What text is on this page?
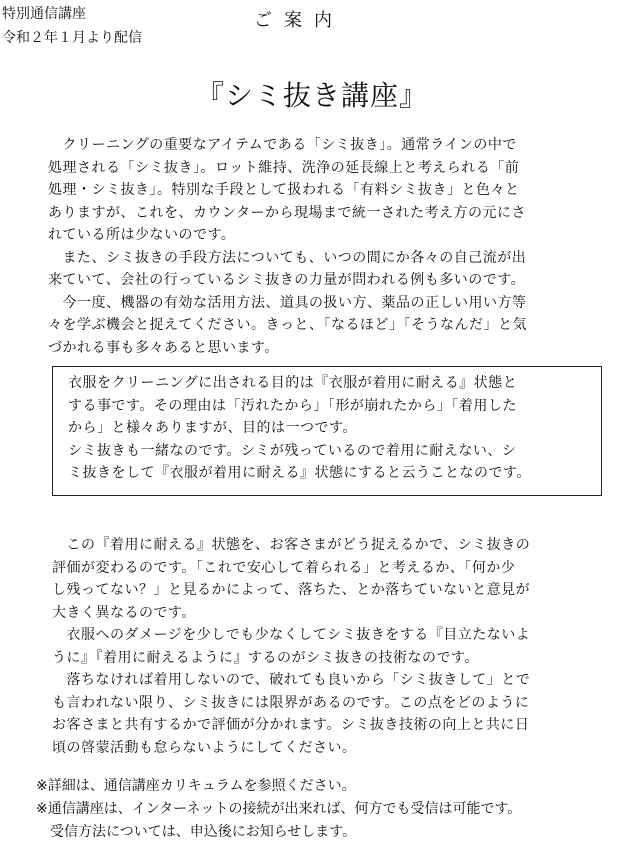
特別通信講座
令和２年１月より配信
ご案内
『シミ抜き講座』

　クリーニングの重要なアイテムである「シミ抜き」。通常ラインの中で

処理される「シミ抜き」。ロット維持、洗浄の延長線上と考えられる「前

処理・シミ抜き」。特別な手段として扱われる「有料シミ抜き」と色々と

ありますが、これを、カウンターから現場まで統一された考え方の元にさ

れている所は少ないのです。

　また、シミ抜きの手段方法についても、いつの間にか各々の自己流が出

来ていて、会社の行っているシミ抜きの力量が問われる例も多いのです。

　今一度、機器の有効な活用方法、道具の扱い方、薬品の正しい用い方等

々を学ぶ機会と捉えてください。きっと、「なるほど」「そうなんだ」と気

づかれる事も多々あると思います。

衣服をクリーニングに出される目的は『衣服が着用に耐える』状態と

する事です。その理由は「汚れたから」「形が崩れたから」「着用した

から」と様々ありますが、目的は一つです。

シミ抜きも一緒なのです。シミが残っているので着用に耐えない、シ

ミ抜きをして『衣服が着用に耐える』状態にすると云うことなのです。

　この『着用に耐える』状態を、お客さまがどう捉えるかで、シミ抜きの

評価が変わるのです。「これで安心して着られる」と考えるか、「何か少

し残ってない？」と見るかによって、落ちた、とか落ちていないと意見が

大きく異なるのです。

　衣服へのダメージを少しでも少なくしてシミ抜きをする『目立たないよ

うに』『着用に耐えるように』するのがシミ抜きの技術なのです。

　落ちなければ着用しないので、破れても良いから「シミ抜きして」とで

も言われない限り、シミ抜きには限界があるのです。この点をどのように

お客さまと共有するかで評価が分かれます。シミ抜き技術の向上と共に日

頃の啓蒙活動も怠らないようにしてください。

※詳細は、通信講座カリキュラムを参照ください。

※通信講座は、インターネットの接続が出来れば、何方でも受信は可能です。

　受信方法については、申込後にお知らせします。
